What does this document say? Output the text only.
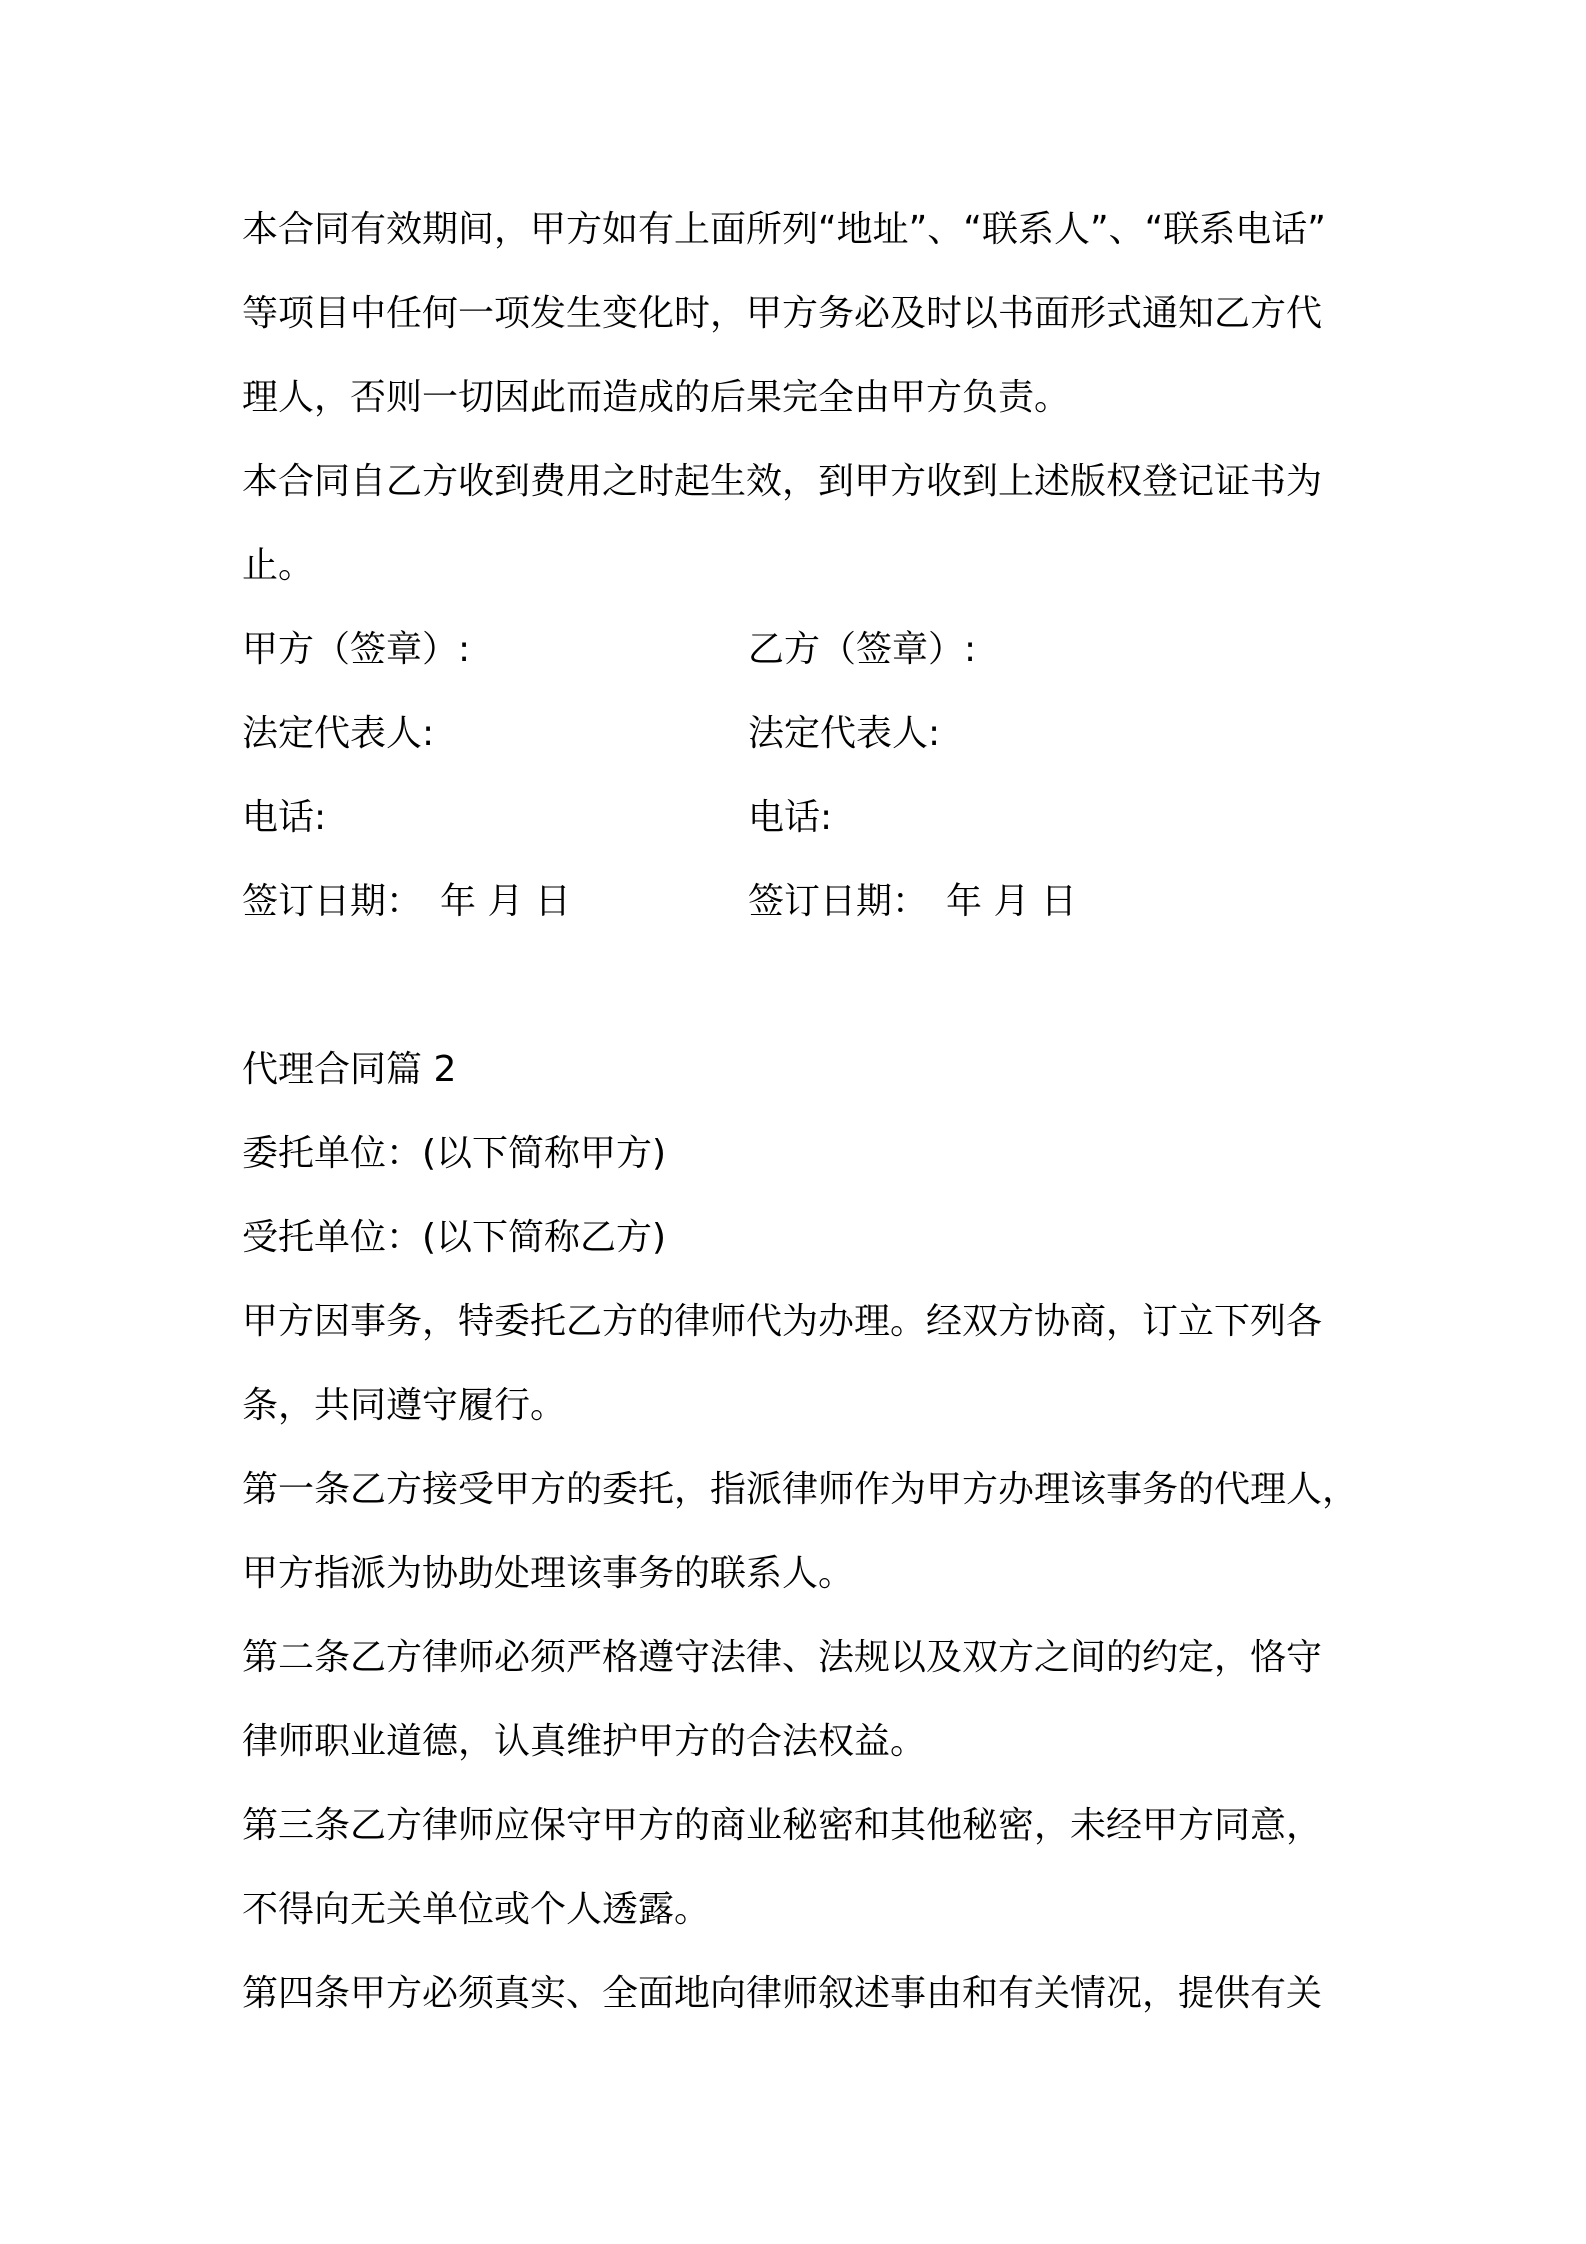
本合同有效期间，甲方如有上面所列“地址”、“联系人”、“联系电话”
等项目中任何一项发生变化时，甲方务必及时以书面形式通知乙方代
理人，否则一切因此而造成的后果完全由甲方负责。
本合同自乙方收到费用之时起生效，到甲方收到上述版权登记证书为
止。
甲方（签章）:	乙方（签章）:
法定代表人:	法定代表人:
电话:	电话:
签订日期：　年 月 日	签订日期：　年 月 日
代理合同篇 2
委托单位：(以下简称甲方)
受托单位：(以下简称乙方)
甲方因事务，特委托乙方的律师代为办理。经双方协商，订立下列各
条，共同遵守履行。
第一条乙方接受甲方的委托，指派律师作为甲方办理该事务的代理人，
甲方指派为协助处理该事务的联系人。
第二条乙方律师必须严格遵守法律、法规以及双方之间的约定，恪守
律师职业道德，认真维护甲方的合法权益。
第三条乙方律师应保守甲方的商业秘密和其他秘密，未经甲方同意，
不得向无关单位或个人透露。
第四条甲方必须真实、全面地向律师叙述事由和有关情况，提供有关
